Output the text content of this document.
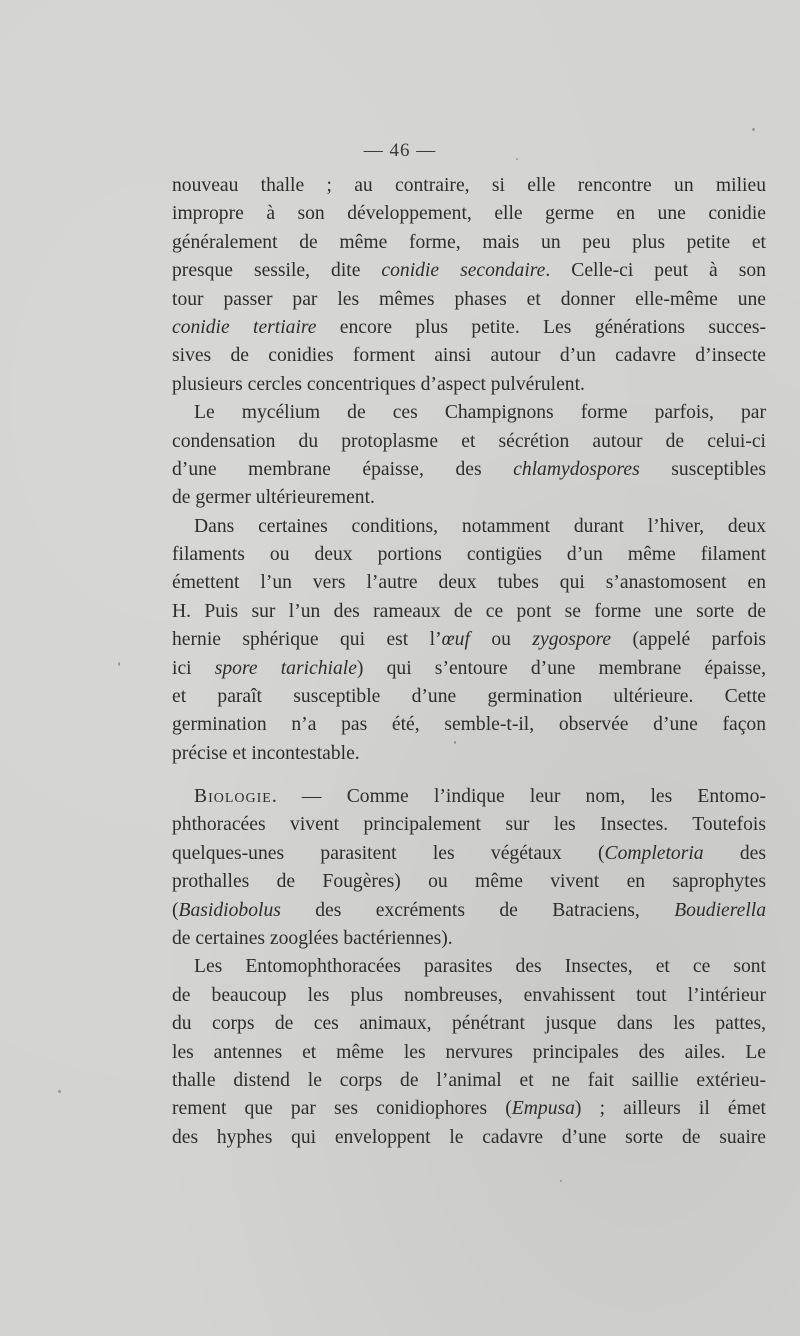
— 46 —
nouveau thalle ; au contraire, si elle rencontre un milieu
impropre à son développement, elle germe en une conidie
généralement de même forme, mais un peu plus petite et
presque sessile, dite conidie secondaire. Celle-ci peut à son
tour passer par les mêmes phases et donner elle-même une
conidie tertiaire encore plus petite. Les générations succes-
sives de conidies forment ainsi autour d’un cadavre d’insecte
plusieurs cercles concentriques d’aspect pulvérulent.
Le mycélium de ces Champignons forme parfois, par
condensation du protoplasme et sécrétion autour de celui-ci
d’une membrane épaisse, des chlamydospores susceptibles
de germer ultérieurement.
Dans certaines conditions, notamment durant l’hiver, deux
filaments ou deux portions contigües d’un même filament
émettent l’un vers l’autre deux tubes qui s’anastomosent en
H. Puis sur l’un des rameaux de ce pont se forme une sorte de
hernie sphérique qui est l’œuf ou zygospore (appelé parfois
ici spore tarichiale) qui s’entoure d’une membrane épaisse,
et paraît susceptible d’une germination ultérieure. Cette
germination n’a pas été, semble-t-il, observée d’une façon
précise et incontestable.
Biologie. — Comme l’indique leur nom, les Entomo-
phthoracées vivent principalement sur les Insectes. Toutefois
quelques-unes parasitent les végétaux (Completoria des
prothalles de Fougères) ou même vivent en saprophytes
(Basidiobolus des excréments de Batraciens, Boudierella
de certaines zooglées bactériennes).
Les Entomophthoracées parasites des Insectes, et ce sont
de beaucoup les plus nombreuses, envahissent tout l’intérieur
du corps de ces animaux, pénétrant jusque dans les pattes,
les antennes et même les nervures principales des ailes. Le
thalle distend le corps de l’animal et ne fait saillie extérieu-
rement que par ses conidiophores (Empusa) ; ailleurs il émet
des hyphes qui enveloppent le cadavre d’une sorte de suaire
